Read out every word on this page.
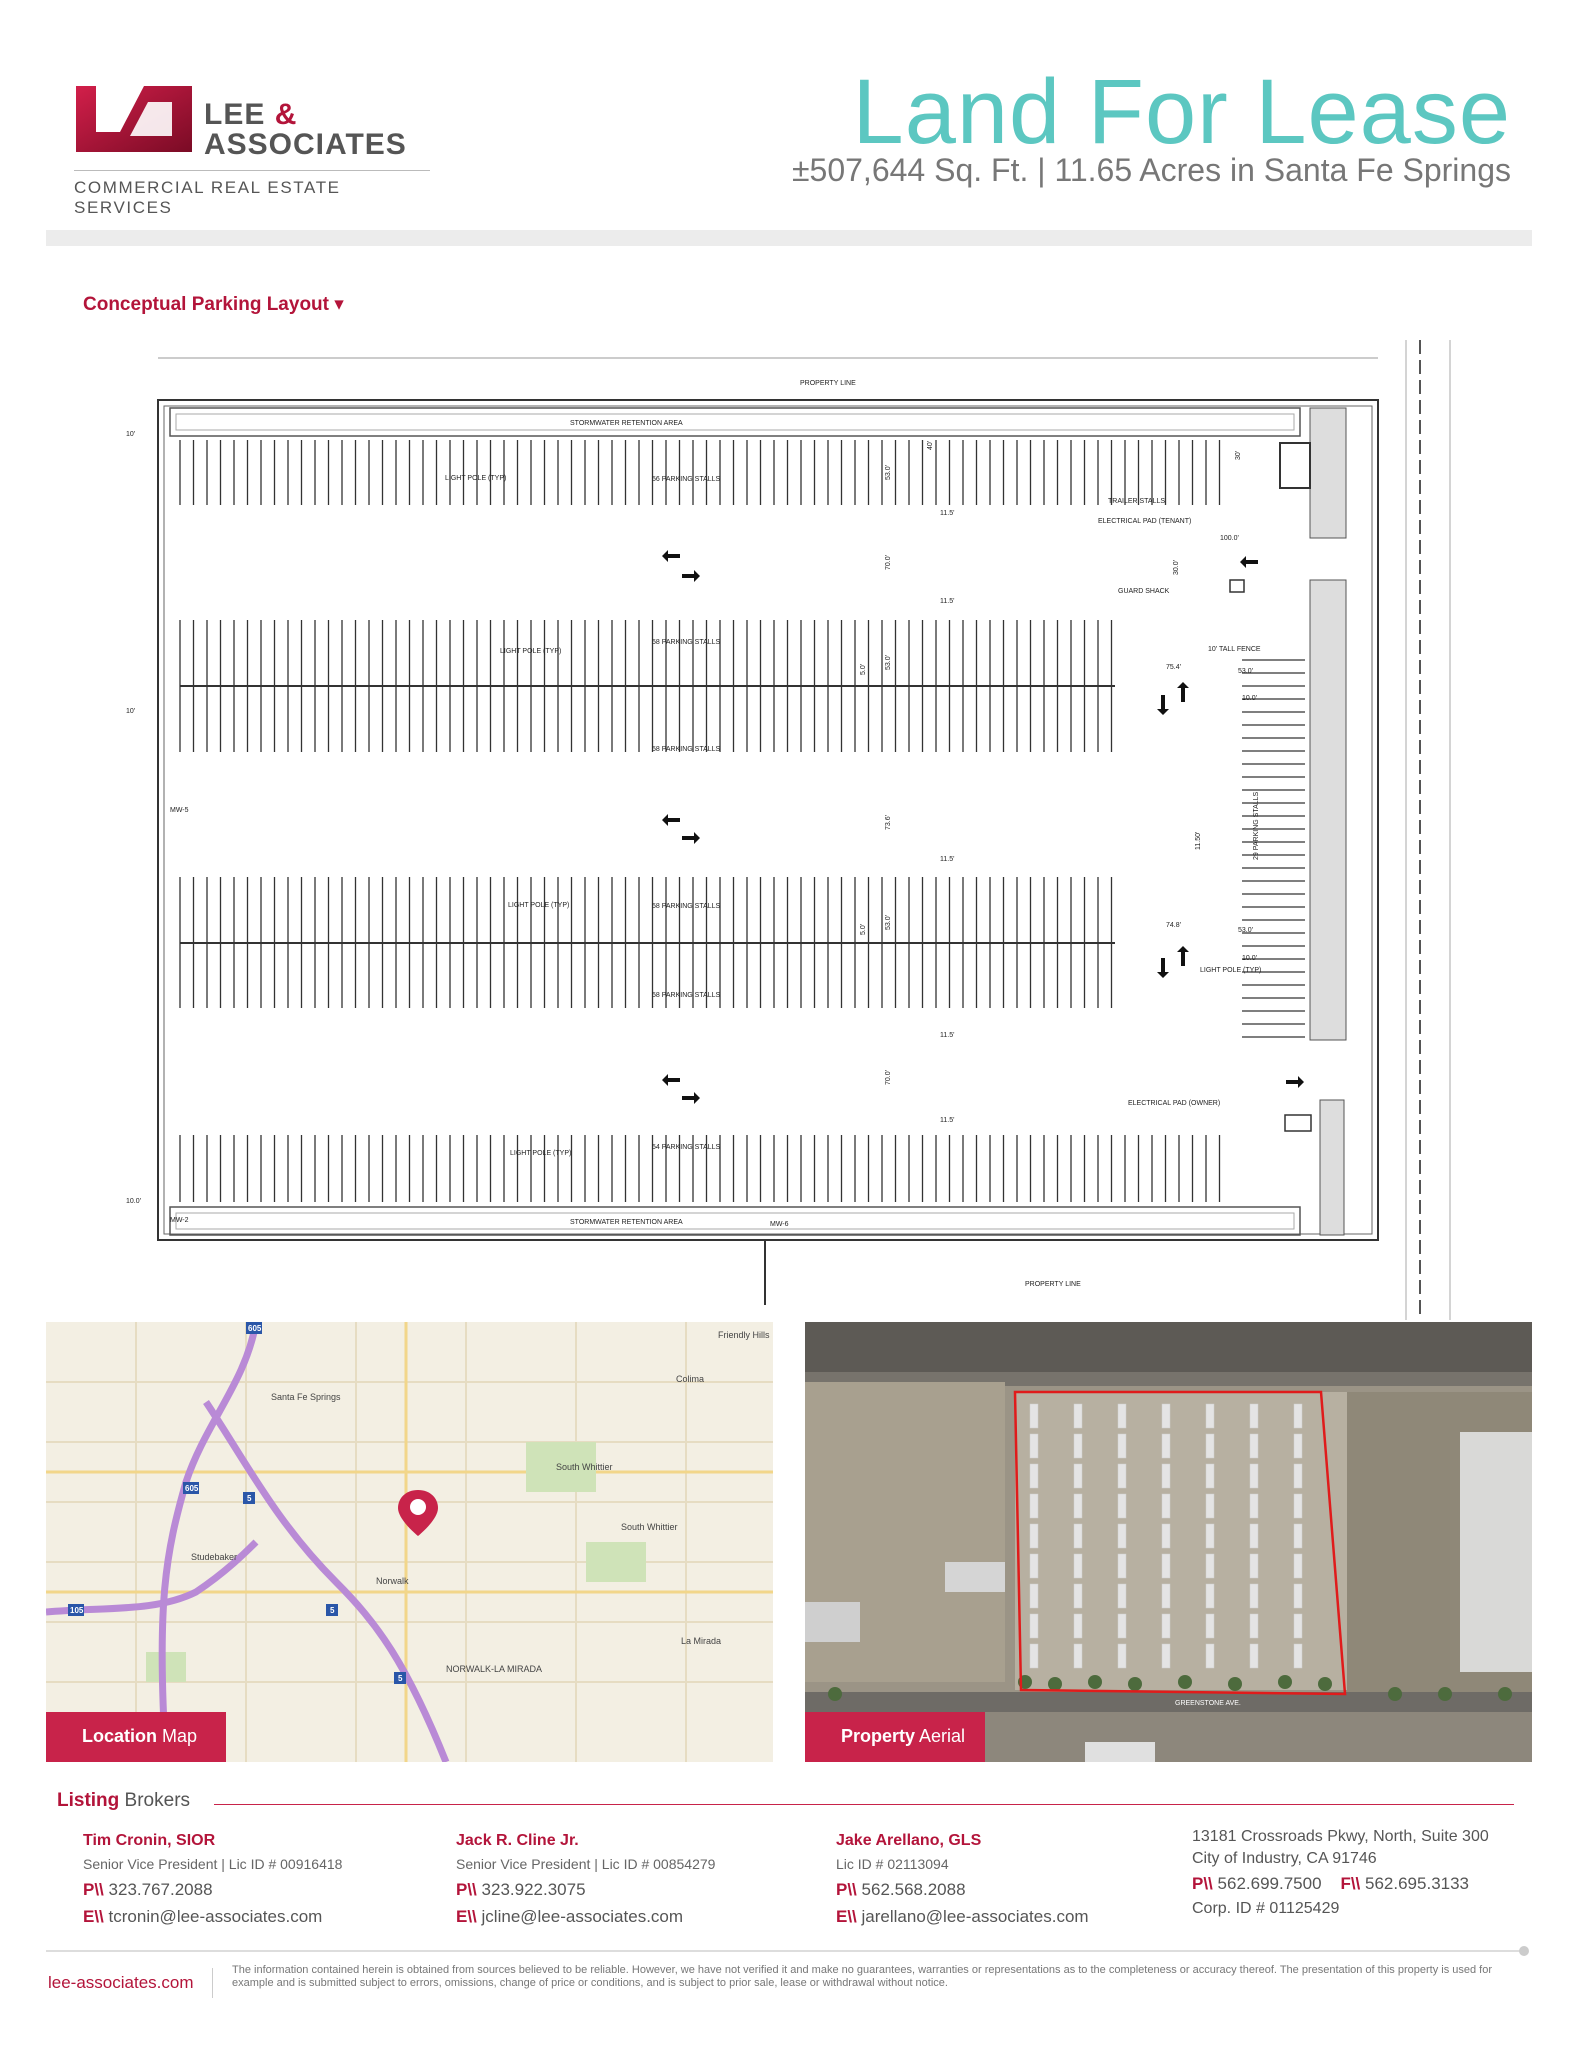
LEE &
ASSOCIATES
COMMERCIAL REAL ESTATE SERVICES
Land For Lease
±507,644 Sq. Ft. | 11.65 Acres in Santa Fe Springs
Conceptual Parking Layout ▾
PROPERTY LINE
PROPERTY LINE
STORMWATER RETENTION AREA
STORMWATER RETENTION AREA
LIGHT POLE (TYP)
LIGHT POLE (TYP)
LIGHT POLE (TYP)
LIGHT POLE (TYP)
LIGHT POLE (TYP)
TRAILER STALLS
ELECTRICAL PAD (TENANT)
ELECTRICAL PAD (OWNER)
GUARD SHACK
10' TALL FENCE
MW-5
MW-2
MW-6
56 PARKING STALLS
58 PARKING STALLS
58 PARKING STALLS
58 PARKING STALLS
58 PARKING STALLS
54 PARKING STALLS
29 PARKING STALLS
10'
10'
10.0'
100.0'
75.4'
74.8'
53.0'
53.0'
10.0'
10.0'
11.5'
11.5'
11.5'
11.5'
11.5'
53.0'
40'
70.0'
53.0'
73.6'
53.0'
70.0'
30.0'
5.0'
5.0'
11.50'
30'
Santa Fe Springs
South Whittier
South Whittier
Studebaker
Norwalk
La Mirada
Colima
Friendly Hills
NORWALK-LA MIRADA
605
605
5
5
5
105
Location Map
GREENSTONE AVE.
Property Aerial
Listing Brokers
Tim Cronin, SIOR
Senior Vice President | Lic ID # 00916418
P\\ 323.767.2088
E\\ tcronin@lee-associates.com
Jack R. Cline Jr.
Senior Vice President | Lic ID # 00854279
P\\ 323.922.3075
E\\ jcline@lee-associates.com
Jake Arellano, GLS
Lic ID # 02113094
P\\ 562.568.2088
E\\ jarellano@lee-associates.com
13181 Crossroads Pkwy, North, Suite 300
City of Industry, CA 91746
P\\ 562.699.7500 F\\ 562.695.3133
Corp. ID # 01125429
lee-associates.com
The information contained herein is obtained from sources believed to be reliable. However, we have not verified it and make no guarantees, warranties or representations as to the completeness or accuracy thereof. The presentation of this property is used for example and is submitted subject to errors, omissions, change of price or conditions, and is subject to prior sale, lease or withdrawal without notice.
